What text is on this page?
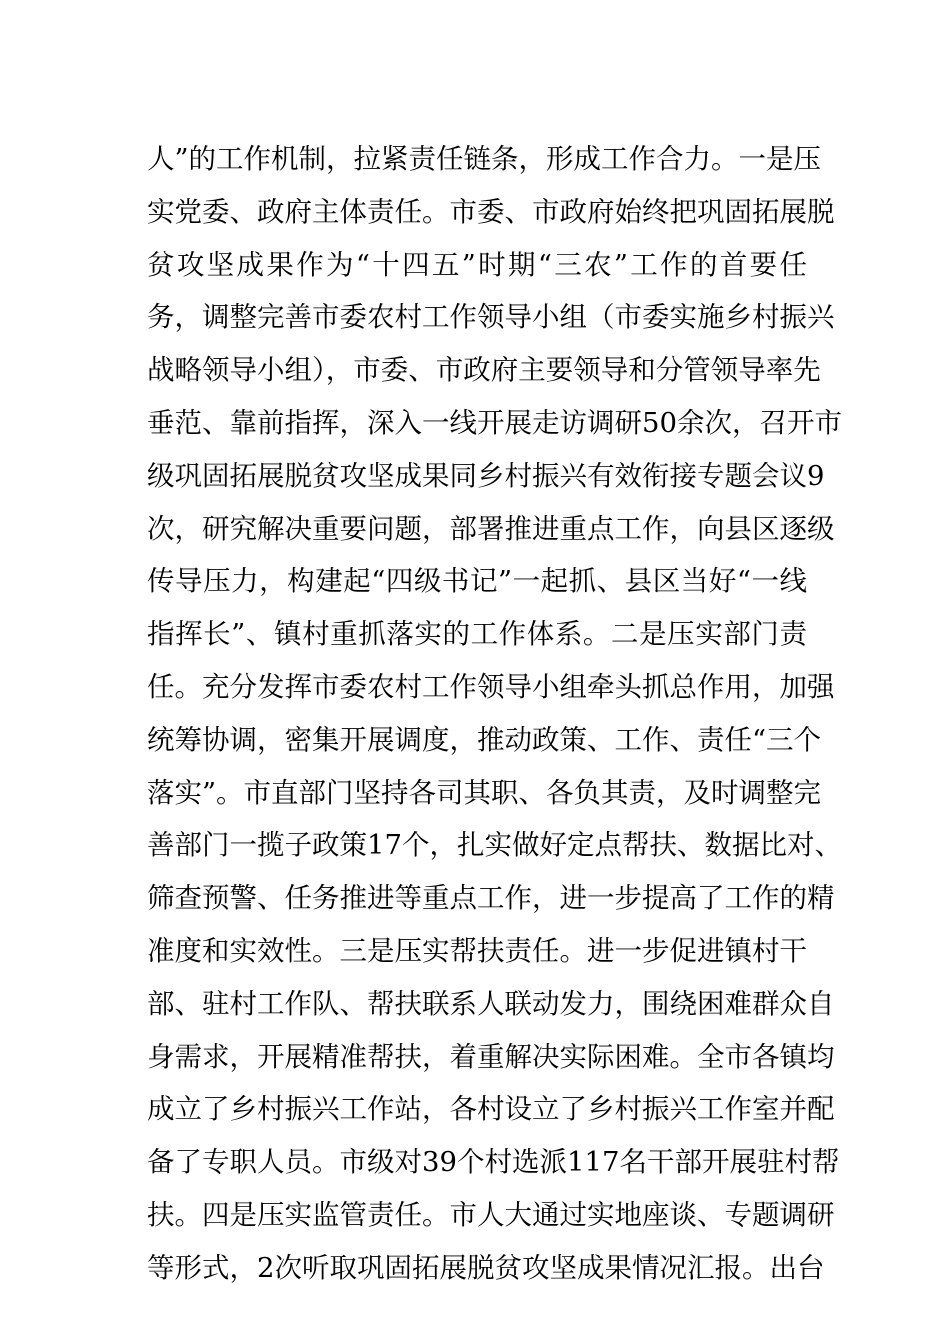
人”的工作机制，拉紧责任链条，形成工作合力。一是压
实党委、政府主体责任。市委、市政府始终把巩固拓展脱
贫攻坚成果作为“十四五”时期“三农”工作的首要任
务，调整完善市委农村工作领导小组（市委实施乡村振兴
战略领导小组），市委、市政府主要领导和分管领导率先
垂范、靠前指挥，深入一线开展走访调研50余次，召开市
级巩固拓展脱贫攻坚成果同乡村振兴有效衔接专题会议9
次，研究解决重要问题，部署推进重点工作，向县区逐级
传导压力，构建起“四级书记”一起抓、县区当好“一线
指挥长”、镇村重抓落实的工作体系。二是压实部门责
任。充分发挥市委农村工作领导小组牵头抓总作用，加强
统筹协调，密集开展调度，推动政策、工作、责任“三个
落实”。市直部门坚持各司其职、各负其责，及时调整完
善部门一揽子政策17个，扎实做好定点帮扶、数据比对、
筛查预警、任务推进等重点工作，进一步提高了工作的精
准度和实效性。三是压实帮扶责任。进一步促进镇村干
部、驻村工作队、帮扶联系人联动发力，围绕困难群众自
身需求，开展精准帮扶，着重解决实际困难。全市各镇均
成立了乡村振兴工作站，各村设立了乡村振兴工作室并配
备了专职人员。市级对39个村选派117名干部开展驻村帮
扶。四是压实监管责任。市人大通过实地座谈、专题调研
等形式，2次听取巩固拓展脱贫攻坚成果情况汇报。出台
